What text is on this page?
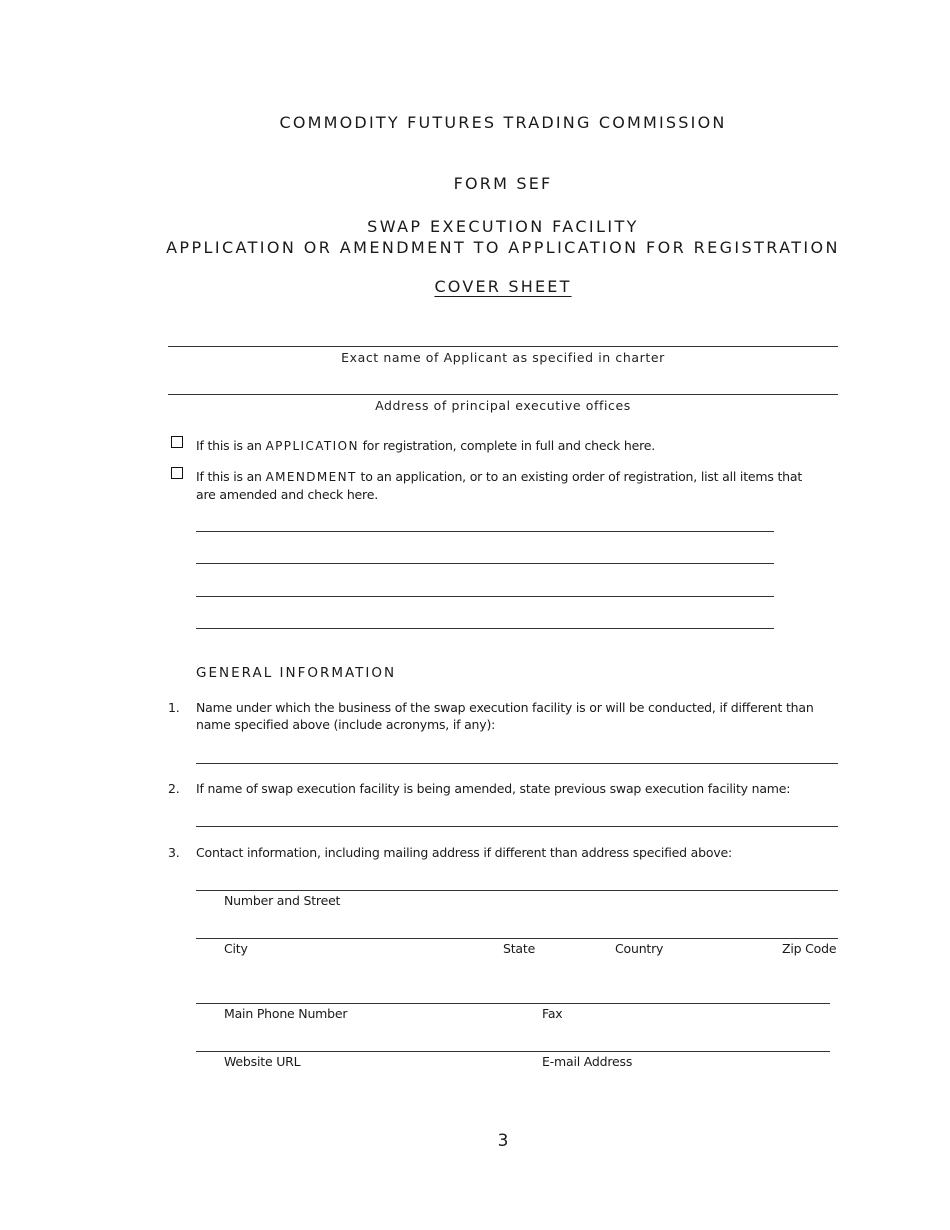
COMMODITY FUTURES TRADING COMMISSION
FORM SEF
SWAP EXECUTION FACILITY
APPLICATION OR AMENDMENT TO APPLICATION FOR REGISTRATION
COVER SHEET
Exact name of Applicant as specified in charter
Address of principal executive offices
If this is an APPLICATION for registration, complete in full and check here.
If this is an AMENDMENT to an application, or to an existing order of registration, list all items that are amended and check here.
GENERAL INFORMATION
1. Name under which the business of the swap execution facility is or will be conducted, if different than name specified above (include acronyms, if any):
2. If name of swap execution facility is being amended, state previous swap execution facility name:
3. Contact information, including mailing address if different than address specified above:
Number and Street
City	State	Country	Zip Code
Main Phone Number	Fax
Website URL	E-mail Address
3
